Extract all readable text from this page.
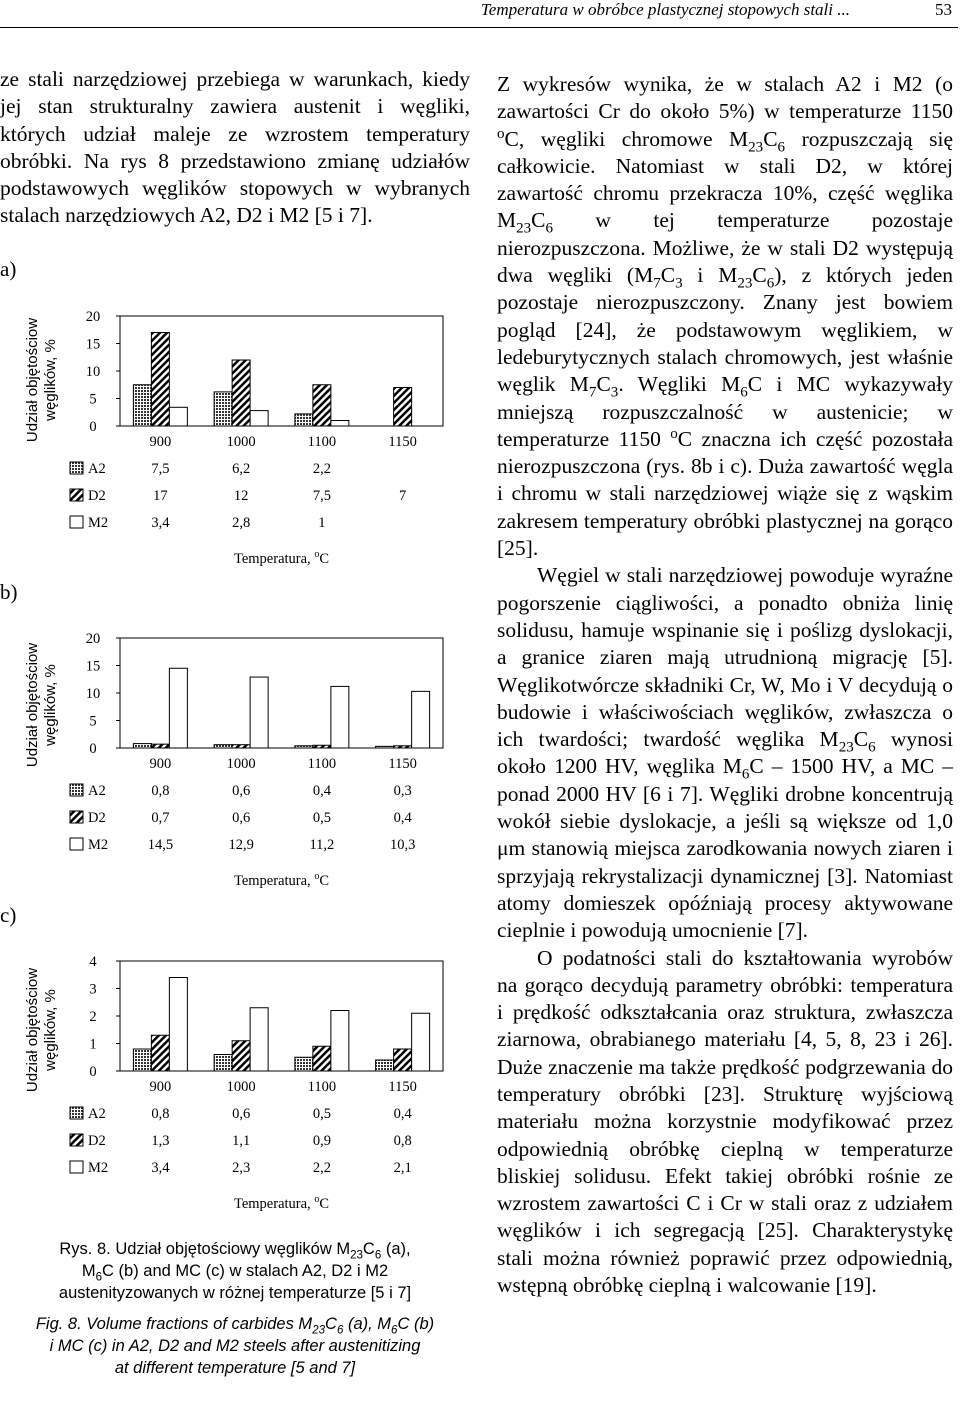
Temperatura w obróbce plastycznej stopowych stali ...	53

ze stali narzędziowej przebiega w warunkach, kiedy jej stan strukturalny zawiera austenit i węgliki, których udział maleje ze wzrostem temperatury obróbki. Na rys 8 przedstawiono zmianę udziałów podstawowych węglików stopowych w wybranych stalach narzędziowych A2, D2 i M2 [5 i 7].

a)
b)
c)
Udział objętościow węglików, %
Udział objętościow węglików, %
Udział objętościow węglików, %
0
5
10
15
20
900	1000	1100	1150
A2	7,5	6,2	2,2
D2	17	12	7,5	7
M2	3,4	2,8	1
Temperatura, $^o$C
0
5
10
15
20
900	1000	1100	1150
A2	0,8	0,6	0,4	0,3
D2	0,7	0,6	0,5	0,4
M2	14,5	12,9	11,2	10,3
Temperatura, $^o$C
0
1
2
3
4
900	1000	1100	1150
A2	0,8	0,6	0,5	0,4
D2	1,3	1,1	0,9	0,8
M2	3,4	2,3	2,2	2,1
Temperatura, $^o$C
Rys. 8. Udział objętościowy węglików $M_{23}C_6$ (a),
$M_6C$ (b) and MC (c) w stalach A2, D2 i M2
austenityzowanych w różnej temperaturze [5 i 7]
Fig. 8. Volume fractions of carbides $M_{23}C_6$ (a), $M_6C$ (b)
i MC (c) in A2, D2 and M2 steels after austenitizing
at different temperature [5 and 7]

Z wykresów wynika, że w stalach A2 i M2 (o zawartości Cr do około 5%) w temperaturze 1150 $^o$C, węgliki chromowe $M_{23}C_6$ rozpuszczają się całkowicie. Natomiast w stali D2, w której zawartość chromu przekracza 10%, część węglika $M_{23}C_6$ w tej temperaturze pozostaje nierozpuszczona. Możliwe, że w stali D2 występują dwa węgliki ($M_7C_3$ i $M_{23}C_6$), z których jeden pozostaje nierozpuszczony. Znany jest bowiem pogląd [24], że podstawowym węglikiem, w ledeburytycznych stalach chromowych, jest właśnie węglik $M_7C_3$. Węgliki $M_6C$ i MC wykazywały mniejszą rozpuszczalność w austenicie; w temperaturze 1150 $^o$C znaczna ich część pozostała nierozpuszczona (rys. 8b i c). Duża zawartość węgla i chromu w stali narzędziowej wiąże się z wąskim zakresem temperatury obróbki plastycznej na gorąco [25].

Węgiel w stali narzędziowej powoduje wyraźne pogorszenie ciągliwości, a ponadto obniża linię solidusu, hamuje wspinanie się i poślizg dyslokacji, a granice ziaren mają utrudnioną migrację [5]. Węglikotwórcze składniki Cr, W, Mo i V decydują o budowie i właściwościach węglików, zwłaszcza o ich twardości; twardość węglika $M_{23}C_6$ wynosi około 1200 HV, węglika $M_6C - 1500$ HV, a MC – ponad 2000 HV [6 i 7]. Węgliki drobne koncentrują wokół siebie dyslokacje, a jeśli są większe od 1,0 μm stanowią miejsca zarodkowania nowych ziaren i sprzyjają rekrystalizacji dynamicznej [3]. Natomiast atomy domieszek opóźniają procesy aktywowane cieplnie i powodują umocnienie [7].

O podatności stali do kształtowania wyrobów na gorąco decydują parametry obróbki: temperatura i prędkość odkształcania oraz struktura, zwłaszcza ziarnowa, obrabianego materiału [4, 5, 8, 23 i 26]. Duże znaczenie ma także prędkość podgrzewania do temperatury obróbki [23]. Strukturę wyjściową materiału można korzystnie modyfikować przez odpowiednią obróbkę cieplną w temperaturze bliskiej solidusu. Efekt takiej obróbki rośnie ze wzrostem zawartości C i Cr w stali oraz z udziałem węglików i ich segregacją [25]. Charakterystykę stali można również poprawić przez odpowiednią, wstępną obróbkę cieplną i walcowanie [19].
